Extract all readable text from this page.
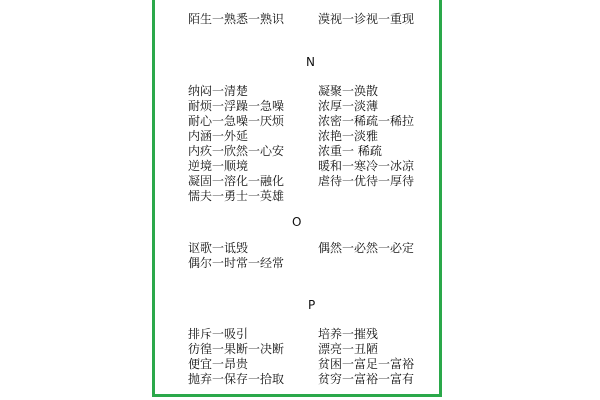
陌生一熟悉一熟识	漠视一诊视一重现
N
纳闷一清楚
耐烦一浮躁一急噪
耐心一急噪一厌烦
内涵一外延
内疚一欣然一心安
逆境一顺境
凝固一溶化一融化
懦夫一勇士一英雄
凝聚一涣散
浓厚一淡薄
浓密一稀疏一稀拉
浓艳一淡雅
浓重一 稀疏
暖和一寒冷一冰凉
虐待一优待一厚待
O
讴歌一诋毁
偶尔一时常一经常
偶然一必然一必定
P
排斥一吸引
彷徨一果断一决断
便宜一昂贵
抛弃一保存一拾取
培养一摧残
漂亮一丑陋
贫困一富足一富裕
贫穷一富裕一富有
